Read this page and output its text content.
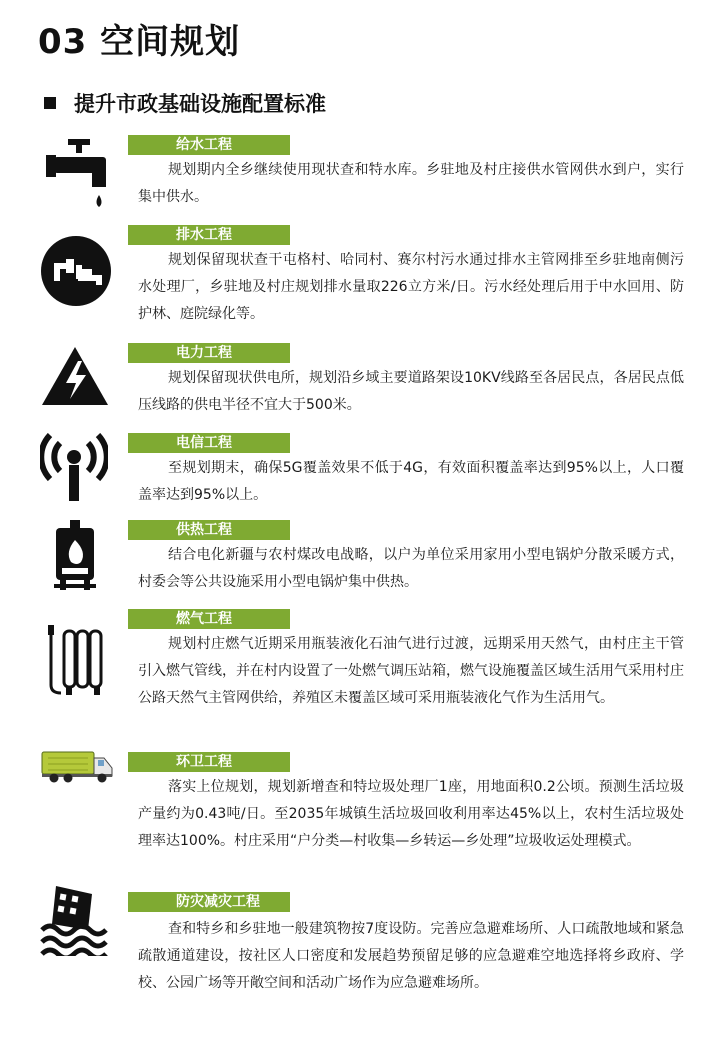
03 空间规划
提升市政基础设施配置标准
给水工程

规划期内全乡继续使用现状查和特水库。乡驻地及村庄接供水管网供水到户，实行集中供水。

排水工程

规划保留现状查干屯格村、哈同村、赛尔村污水通过排水主管网排至乡驻地南侧污水处理厂，乡驻地及村庄规划排水量取226立方米/日。污水经处理后用于中水回用、防护林、庭院绿化等。

电力工程

规划保留现状供电所，规划沿乡域主要道路架设10KV线路至各居民点，各居民点低压线路的供电半径不宜大于500米。

电信工程

至规划期末，确保5G覆盖效果不低于4G，有效面积覆盖率达到95%以上，人口覆盖率达到95%以上。

供热工程

结合电化新疆与农村煤改电战略，以户为单位采用家用小型电锅炉分散采暖方式，村委会等公共设施采用小型电锅炉集中供热。

燃气工程

规划村庄燃气近期采用瓶装液化石油气进行过渡，远期采用天然气，由村庄主干管引入燃气管线，并在村内设置了一处燃气调压站箱，燃气设施覆盖区域生活用气采用村庄公路天然气主管网供给，养殖区未覆盖区域可采用瓶装液化气作为生活用气。

环卫工程

落实上位规划，规划新增查和特垃圾处理厂1座，用地面积0.2公顷。预测生活垃圾产量约为0.43吨/日。至2035年城镇生活垃圾回收利用率达45%以上，农村生活垃圾处理率达100%。村庄采用“户分类—村收集—乡转运—乡处理”垃圾收运处理模式。

防灾减灾工程

查和特乡和乡驻地一般建筑物按7度设防。完善应急避难场所、人口疏散地域和紧急疏散通道建设，按社区人口密度和发展趋势预留足够的应急避难空地选择将乡政府、学校、公园广场等开敞空间和活动广场作为应急避难场所。
